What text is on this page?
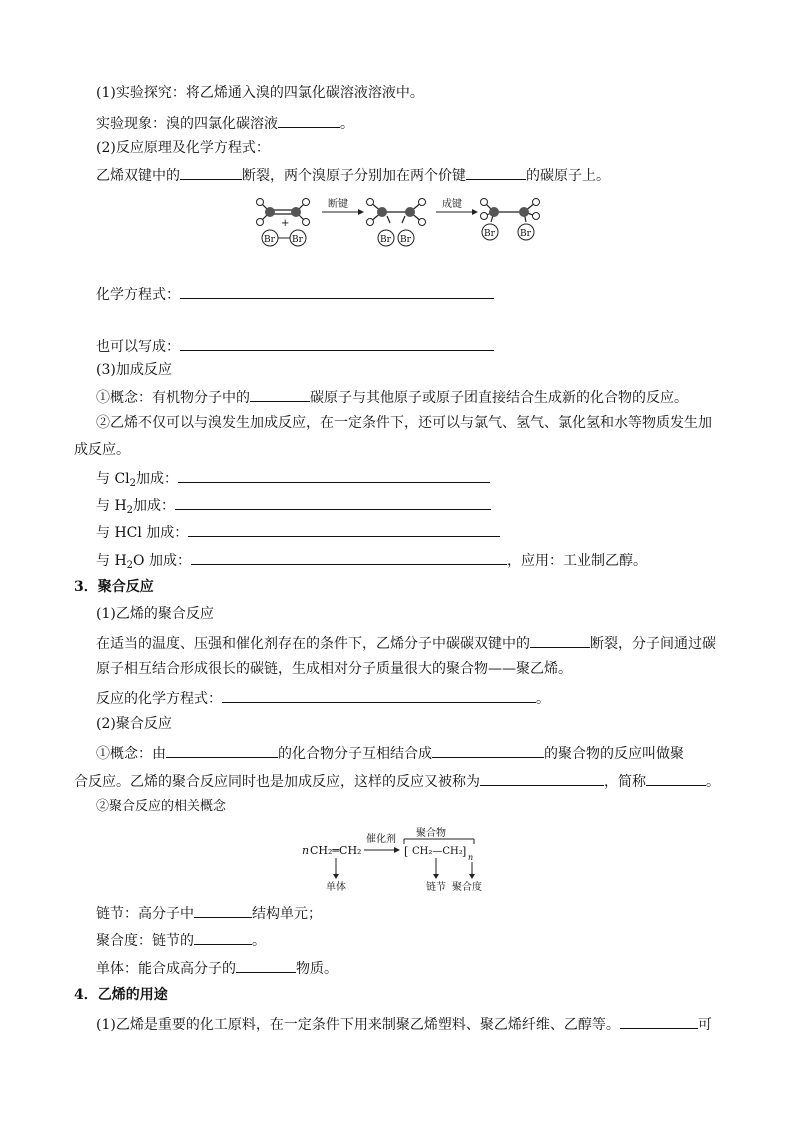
(1)实验探究：将乙烯通入溴的四氯化碳溶液溶液中。
实验现象：溴的四氯化碳溶液	。
(2)反应原理及化学方程式：
乙烯双键中的	断裂，两个溴原子分别加在两个价键	的碳原子上。
+
Br Br
断键
Br Br
成键
Br	Br
化学方程式：
也可以写成：
(3)加成反应
①概念：有机物分子中的	碳原子与其他原子或原子团直接结合生成新的化合物的反应。
②乙烯不仅可以与溴发生加成反应，在一定条件下，还可以与氯气、氢气、氯化氢和水等物质发生加
成反应。
与 $Cl_2$加成：
与 $H_2$加成：
与 HCl 加成：
与 $H_2O$ 加成：	，应用：工业制乙醇。
3．聚合反应
(1)乙烯的聚合反应
在适当的温度、压强和催化剂存在的条件下，乙烯分子中碳碳双键中的	断裂，分子间通过碳
原子相互结合形成很长的碳链，生成相对分子质量很大的聚合物——聚乙烯。
反应的化学方程式：	。
(2)聚合反应
①概念：由	的化合物分子互相结合成	的聚合物的反应叫做聚
合反应。乙烯的聚合反应同时也是加成反应，这样的反应又被称为	，简称	。
②聚合反应的相关概念
n CH₂═CH₂
催化剂
聚合物
[ CH₂—CH₂ ] n
单体	链节 聚合度
链节：高分子中	结构单元；
聚合度：链节的	。
单体：能合成高分子的	物质。
4．乙烯的用途
(1)乙烯是重要的化工原料，在一定条件下用来制聚乙烯塑料、聚乙烯纤维、乙醇等。	可
